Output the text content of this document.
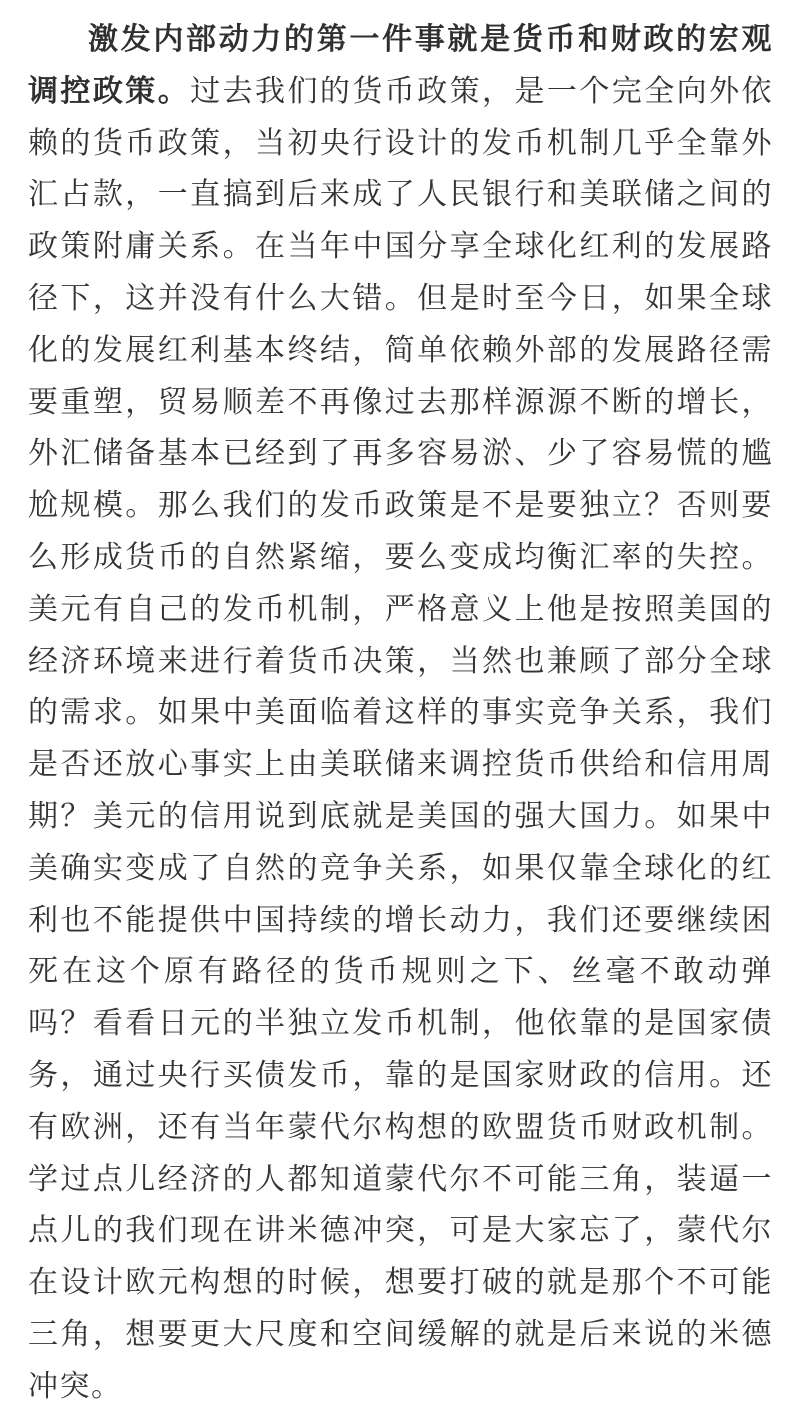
激发内部动力的第一件事就是货币和财政的宏观调控政策。过去我们的货币政策，是一个完全向外依赖的货币政策，当初央行设计的发币机制几乎全靠外汇占款，一直搞到后来成了人民银行和美联储之间的政策附庸关系。在当年中国分享全球化红利的发展路径下，这并没有什么大错。但是时至今日，如果全球化的发展红利基本终结，简单依赖外部的发展路径需要重塑，贸易顺差不再像过去那样源源不断的增长，外汇储备基本已经到了再多容易淤、少了容易慌的尴尬规模。那么我们的发币政策是不是要独立？否则要么形成货币的自然紧缩，要么变成均衡汇率的失控。美元有自己的发币机制，严格意义上他是按照美国的经济环境来进行着货币决策，当然也兼顾了部分全球的需求。如果中美面临着这样的事实竞争关系，我们是否还放心事实上由美联储来调控货币供给和信用周期？美元的信用说到底就是美国的强大国力。如果中美确实变成了自然的竞争关系，如果仅靠全球化的红利也不能提供中国持续的增长动力，我们还要继续困死在这个原有路径的货币规则之下、丝毫不敢动弹吗？看看日元的半独立发币机制，他依靠的是国家债务，通过央行买债发币，靠的是国家财政的信用。还有欧洲，还有当年蒙代尔构想的欧盟货币财政机制。学过点儿经济的人都知道蒙代尔不可能三角，装逼一点儿的我们现在讲米德冲突，可是大家忘了，蒙代尔在设计欧元构想的时候，想要打破的就是那个不可能三角，想要更大尺度和空间缓解的就是后来说的米德冲突。
